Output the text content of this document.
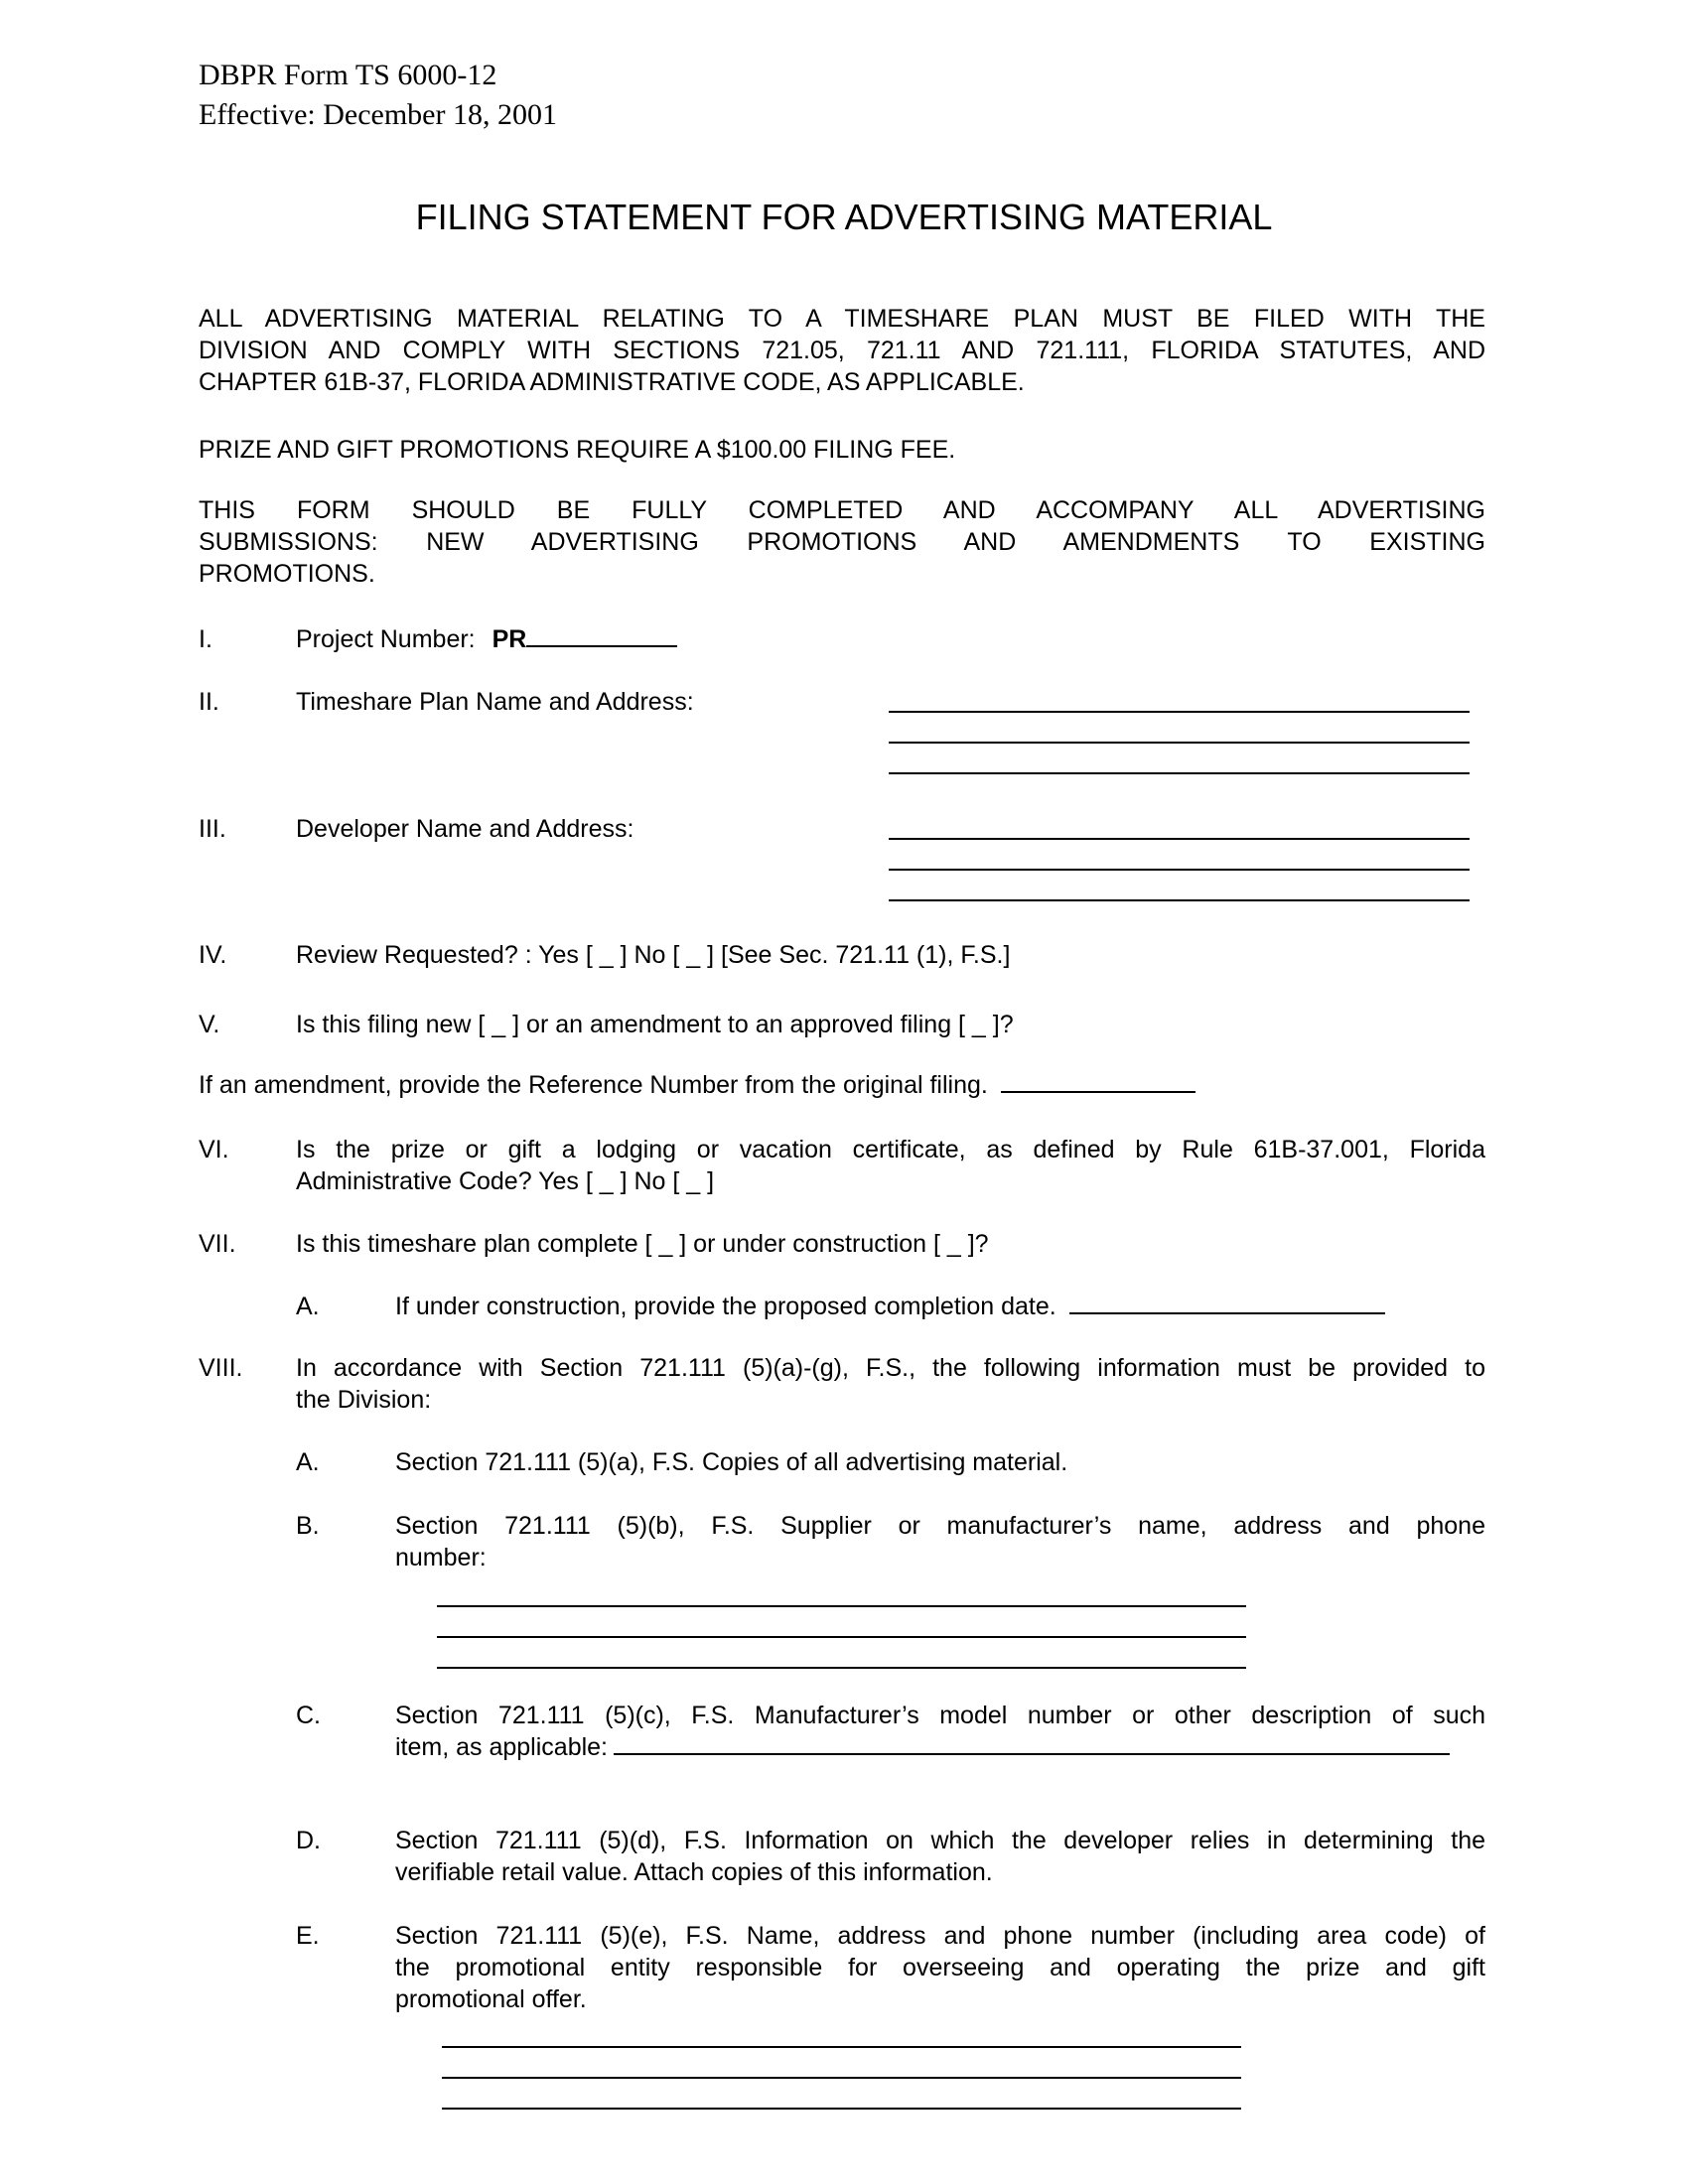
DBPR Form TS 6000-12
Effective: December 18, 2001
FILING STATEMENT FOR ADVERTISING MATERIAL
ALL ADVERTISING MATERIAL RELATING TO A TIMESHARE PLAN MUST BE FILED WITH THE
DIVISION AND COMPLY WITH SECTIONS 721.05, 721.11 AND 721.111, FLORIDA STATUTES, AND
CHAPTER 61B-37, FLORIDA ADMINISTRATIVE CODE, AS APPLICABLE.
PRIZE AND GIFT PROMOTIONS REQUIRE A $100.00 FILING FEE.
THIS FORM SHOULD BE FULLY COMPLETED AND ACCOMPANY ALL ADVERTISING
SUBMISSIONS: NEW ADVERTISING PROMOTIONS AND AMENDMENTS TO EXISTING
PROMOTIONS.
I.	Project Number: PR
II.	Timeshare Plan Name and Address:
III.	Developer Name and Address:
IV.	Review Requested? : Yes [ _ ] No [ _ ] [See Sec. 721.11 (1), F.S.]
V.	Is this filing new [ _ ] or an amendment to an approved filing [ _ ]?
If an amendment, provide the Reference Number from the original filing.
VI.	Is the prize or gift a lodging or vacation certificate, as defined by Rule 61B-37.001, Florida
Administrative Code? Yes [ _ ] No [ _ ]
VII. Is this timeshare plan complete [ _ ] or under construction [ _ ]?
A.	If under construction, provide the proposed completion date.
VIII. In accordance with Section 721.111 (5)(a)-(g), F.S., the following information must be provided to
the Division:
A.	Section 721.111 (5)(a), F.S. Copies of all advertising material.
B.	Section 721.111 (5)(b), F.S. Supplier or manufacturer’s name, address and phone
number:
C.	Section 721.111 (5)(c), F.S. Manufacturer’s model number or other description of such
item, as applicable:
D.	Section 721.111 (5)(d), F.S. Information on which the developer relies in determining the
verifiable retail value. Attach copies of this information.
E.	Section 721.111 (5)(e), F.S. Name, address and phone number (including area code) of
the promotional entity responsible for overseeing and operating the prize and gift
promotional offer.
